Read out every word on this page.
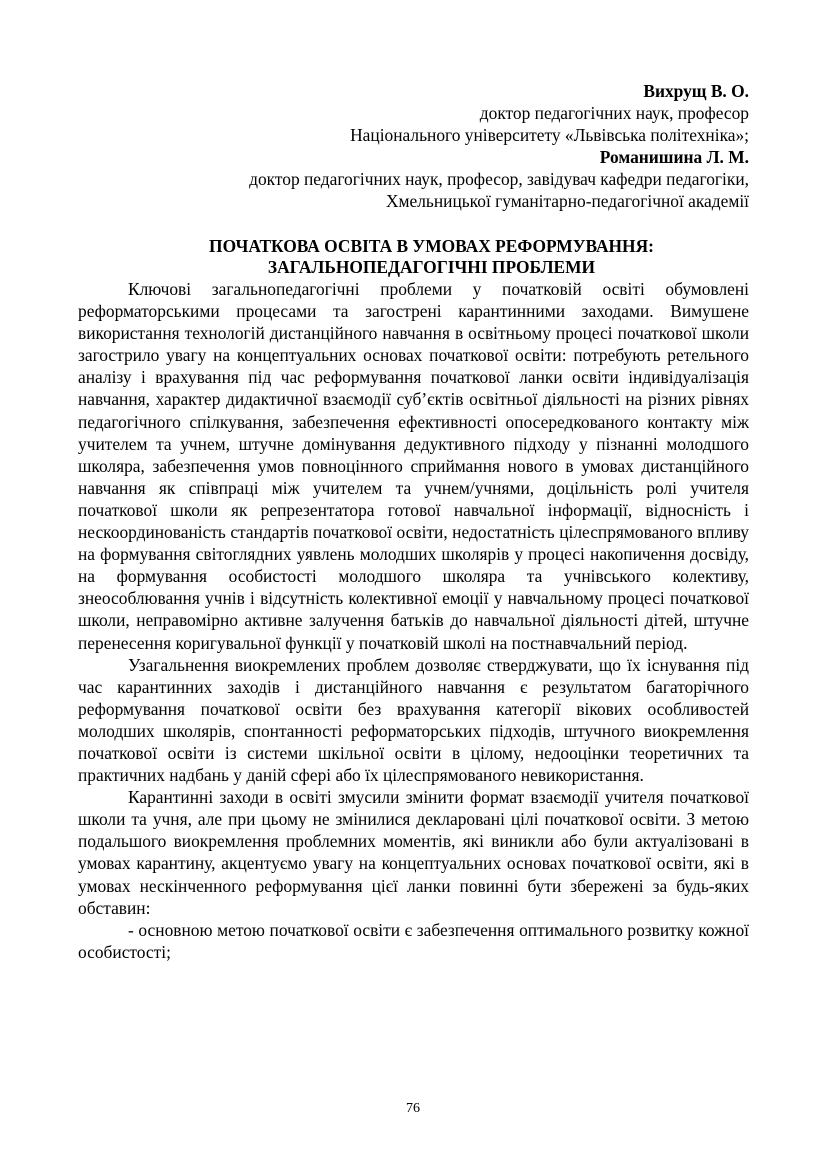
Вихрущ В. О.
доктор педагогічних наук, професор
Національного університету «Львівська політехніка»;
Романишина Л. М.
доктор педагогічних наук, професор, завідувач кафедри педагогіки,
Хмельницької гуманітарно-педагогічної академії
ПОЧАТКОВА ОСВІТА В УМОВАХ РЕФОРМУВАННЯ:
ЗАГАЛЬНОПЕДАГОГІЧНІ ПРОБЛЕМИ

Ключові загальнопедагогічні проблеми у початковій освіті обумовлені реформаторськими процесами та загострені карантинними заходами. Вимушене використання технологій дистанційного навчання в освітньому процесі початкової школи загострило увагу на концептуальних основах початкової освіти: потребують ретельного аналізу і врахування під час реформування початкової ланки освіти індивідуалізація навчання, характер дидактичної взаємодії суб’єктів освітньої діяльності на різних рівнях педагогічного спілкування, забезпечення ефективності опосередкованого контакту між учителем та учнем, штучне домінування дедуктивного підходу у пізнанні молодшого школяра, забезпечення умов повноцінного сприймання нового в умовах дистанційного навчання як співпраці між учителем та учнем/учнями, доцільність ролі учителя початкової школи як репрезентатора готової навчальної інформації, відносність і нескоординованість стандартів початкової освіти, недостатність цілеспрямованого впливу на формування світоглядних уявлень молодших школярів у процесі накопичення досвіду, на формування особистості молодшого школяра та учнівського колективу, знеособлювання учнів і відсутність колективної емоції у навчальному процесі початкової школи, неправомірно активне залучення батьків до навчальної діяльності дітей, штучне перенесення коригувальної функції у початковій школі на постнавчальний період.

Узагальнення виокремлених проблем дозволяє стверджувати, що їх існування під час карантинних заходів і дистанційного навчання є результатом багаторічного реформування початкової освіти без врахування категорії вікових особливостей молодших школярів, спонтанності реформаторських підходів, штучного виокремлення початкової освіти із системи шкільної освіти в цілому, недооцінки теоретичних та практичних надбань у даній сфері або їх цілеспрямованого невикористання.

Карантинні заходи в освіті змусили змінити формат взаємодії учителя початкової школи та учня, але при цьому не змінилися декларовані цілі початкової освіти. З метою подальшого виокремлення проблемних моментів, які виникли або були актуалізовані в умовах карантину, акцентуємо увагу на концептуальних основах початкової освіти, які в умовах нескінченного реформування цієї ланки повинні бути збережені за будь-яких обставин:

- основною метою початкової освіти є забезпечення оптимального розвитку кожної особистості;

76
